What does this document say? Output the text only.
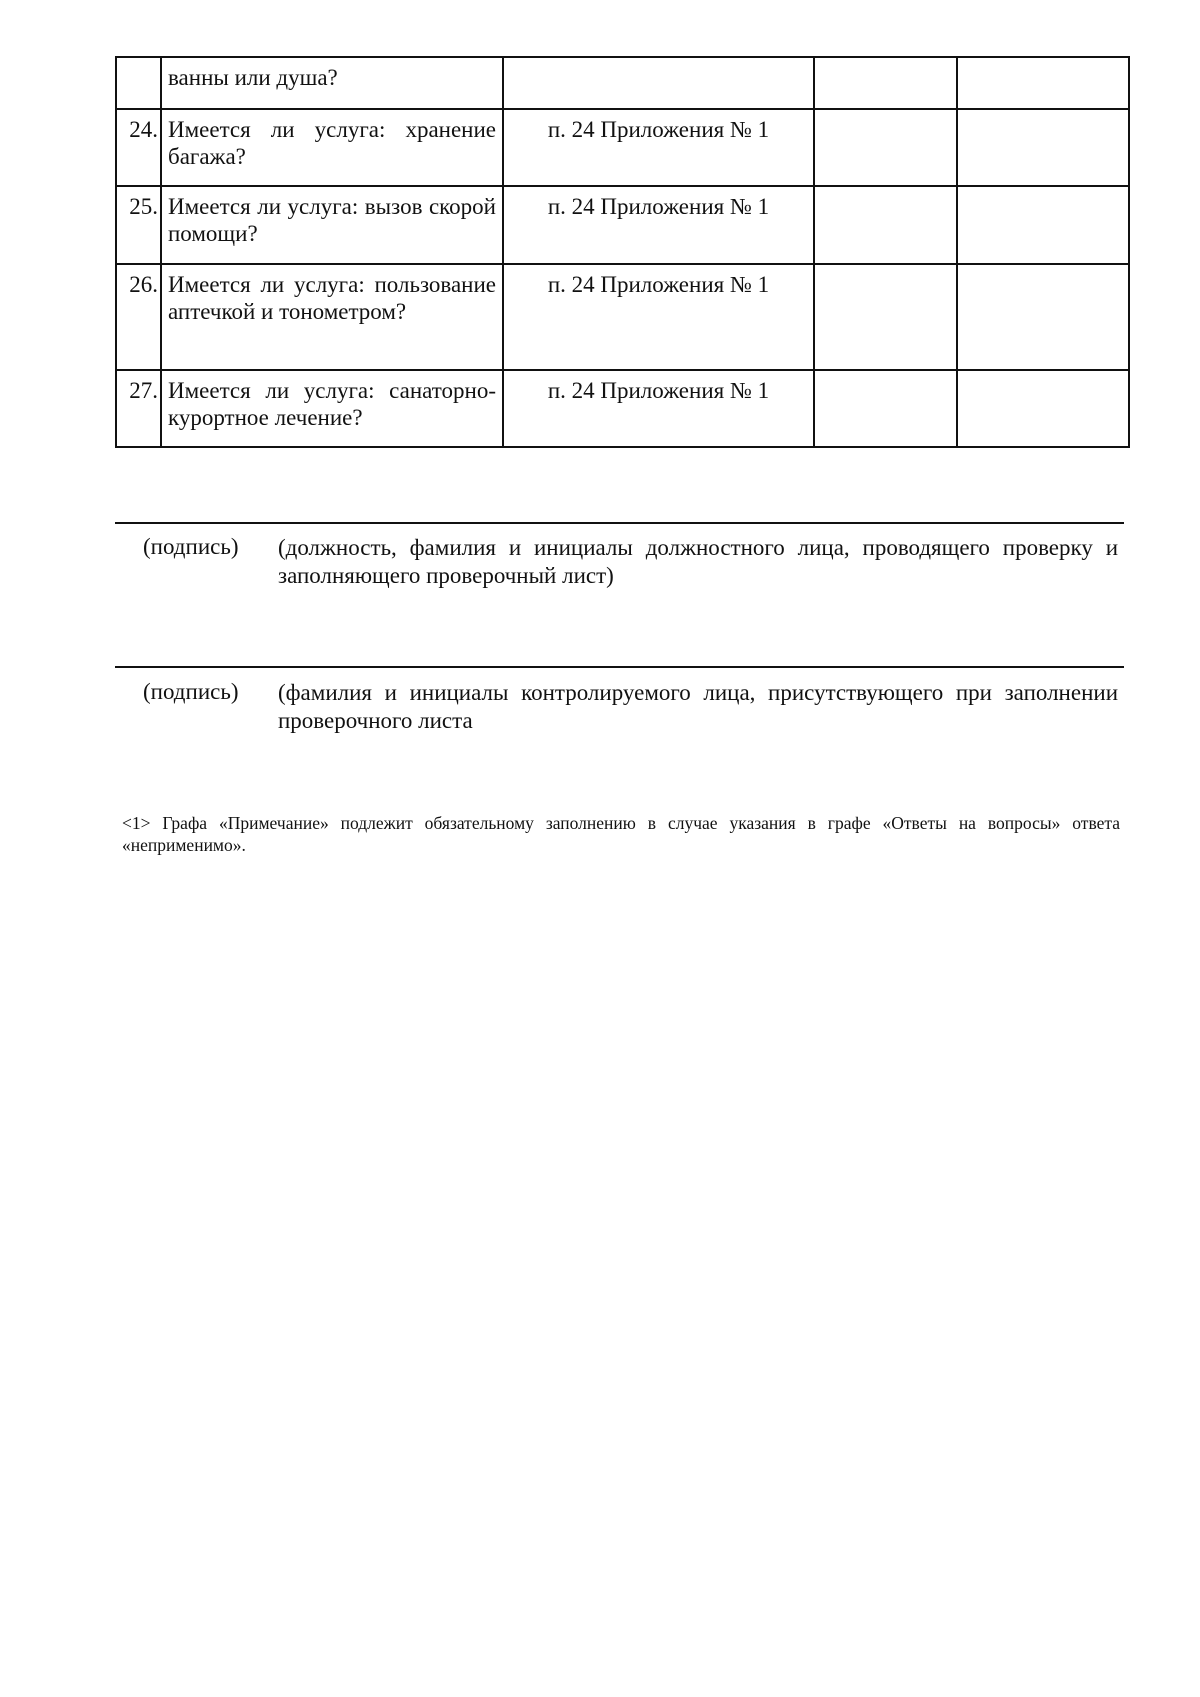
	ванны или душа?			
24.	Имеется ли услуга: хранение багажа?	п. 24 Приложения № 1		
25.	Имеется ли услуга: вызов скорой помощи?	п. 24 Приложения № 1		
26.	Имеется ли услуга: пользование аптечкой и тонометром?	п. 24 Приложения № 1		
27.	Имеется ли услуга: санаторно-курортное лечение?	п. 24 Приложения № 1		
(подпись) (должность, фамилия и инициалы должностного лица, проводящего проверку и заполняющего проверочный лист)
(подпись) (фамилия и инициалы контролируемого лица, присутствующего при заполнении проверочного листа
<1> Графа «Примечание» подлежит обязательному заполнению в случае указания в графе «Ответы на вопросы» ответа «неприменимо».
